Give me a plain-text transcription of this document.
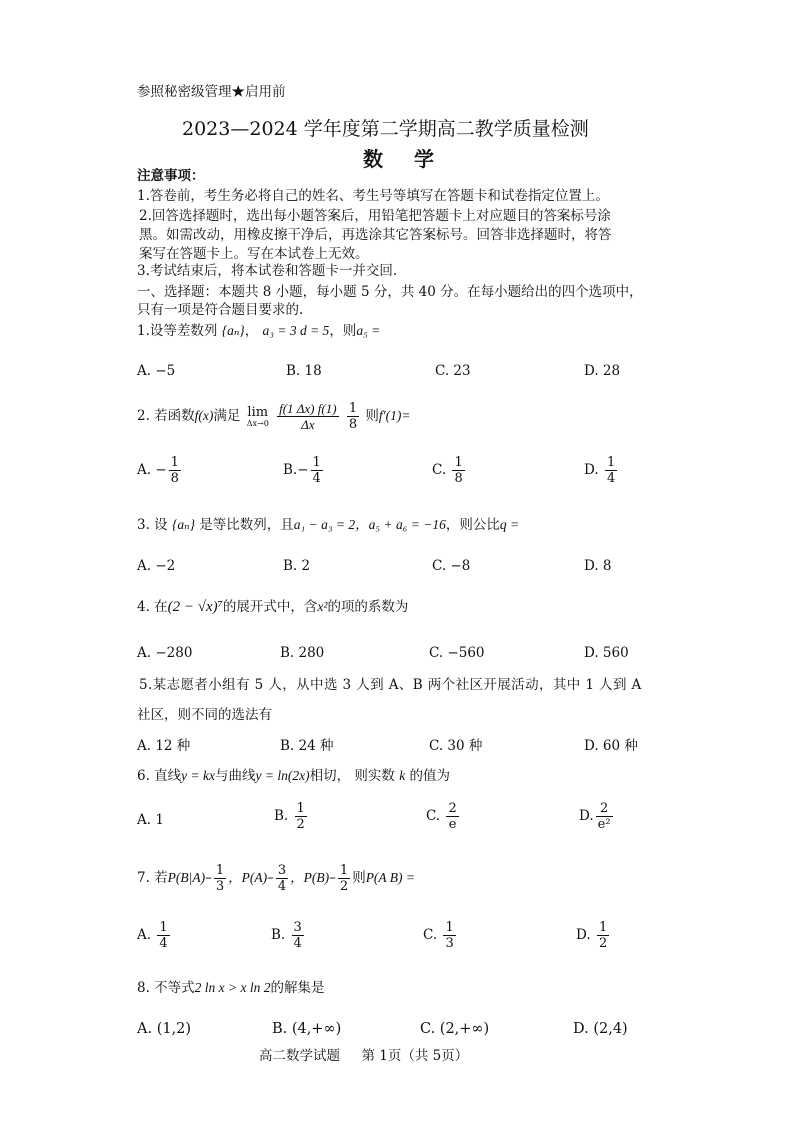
参照秘密级管理★启用前
2023—2024 学年度第二学期高二教学质量检测
数 学
注意事项：
1.答卷前，考生务必将自己的姓名、考生号等填写在答题卡和试卷指定位置上。
2.回答选择题时，选出每小题答案后，用铅笔把答题卡上对应题目的答案标号涂
黑。如需改动，用橡皮擦干净后，再选涂其它答案标号。回答非选择题时，将答
案写在答题卡上。写在本试卷上无效。
3.考试结束后，将本试卷和答题卡一并交回.
一、选择题：本题共 8 小题，每小题 5 分，共 40 分。在每小题给出的四个选项中，
只有一项是符合题目要求的.
1.设等差数列 {aₙ}， a₃ = 3 d = 5，则a₅ =
A. −5	B. 18	C. 23	D. 28
2. 若函数f(x)满足 lim
Δx→0
$\frac{f(1 \Delta x) f(1)}{\Delta x}$
$\frac{1}{8}$ 则f′(1)=
A. − $\frac{1}{8}$	$B.- \frac{1}{4}$	C. $\frac{1}{8}$	D. $\frac{1}{4}$
3. 设 {aₙ} 是等比数列，且a₁ − a₃ = 2，a₅ + a₆ = −16，则公比q =
A. −2	B. 2	C. −8	D. 8
4. 在(2 − √x)⁷的展开式中，含x²的项的系数为
A. −280	B. 280	C. −560	D. 560
5.某志愿者小组有 5 人，从中选 3 人到 A、B 两个社区开展活动，其中 1 人到 A
社区，则不同的选法有
A. 12 种	B. 24 种	C. 30 种	D. 60 种
6. 直线y = kx与曲线y = ln(2x)相切， 则实数 k 的值为
A. 1	B. $\frac{1}{2}$	C. $\frac{2}{e}$	D. $\frac{2}{\text{e²}}$
7. 若$P(B|A)- \frac{1}{3}$ ，$P(A)- \frac{3}{4}$ ，$P(B)- \frac{1}{2}$ 则P(A B) =
A. $\frac{1}{4}$	B. $\frac{3}{4}$	C. $\frac{1}{3}$	D. $\frac{1}{2}$
8. 不等式2 ln x > x ln 2的解集是
A. (1,2)	B. (4,+∞)	C. (2,+∞)	D. (2,4)
高二数学试题     第 1页（共 5页）
